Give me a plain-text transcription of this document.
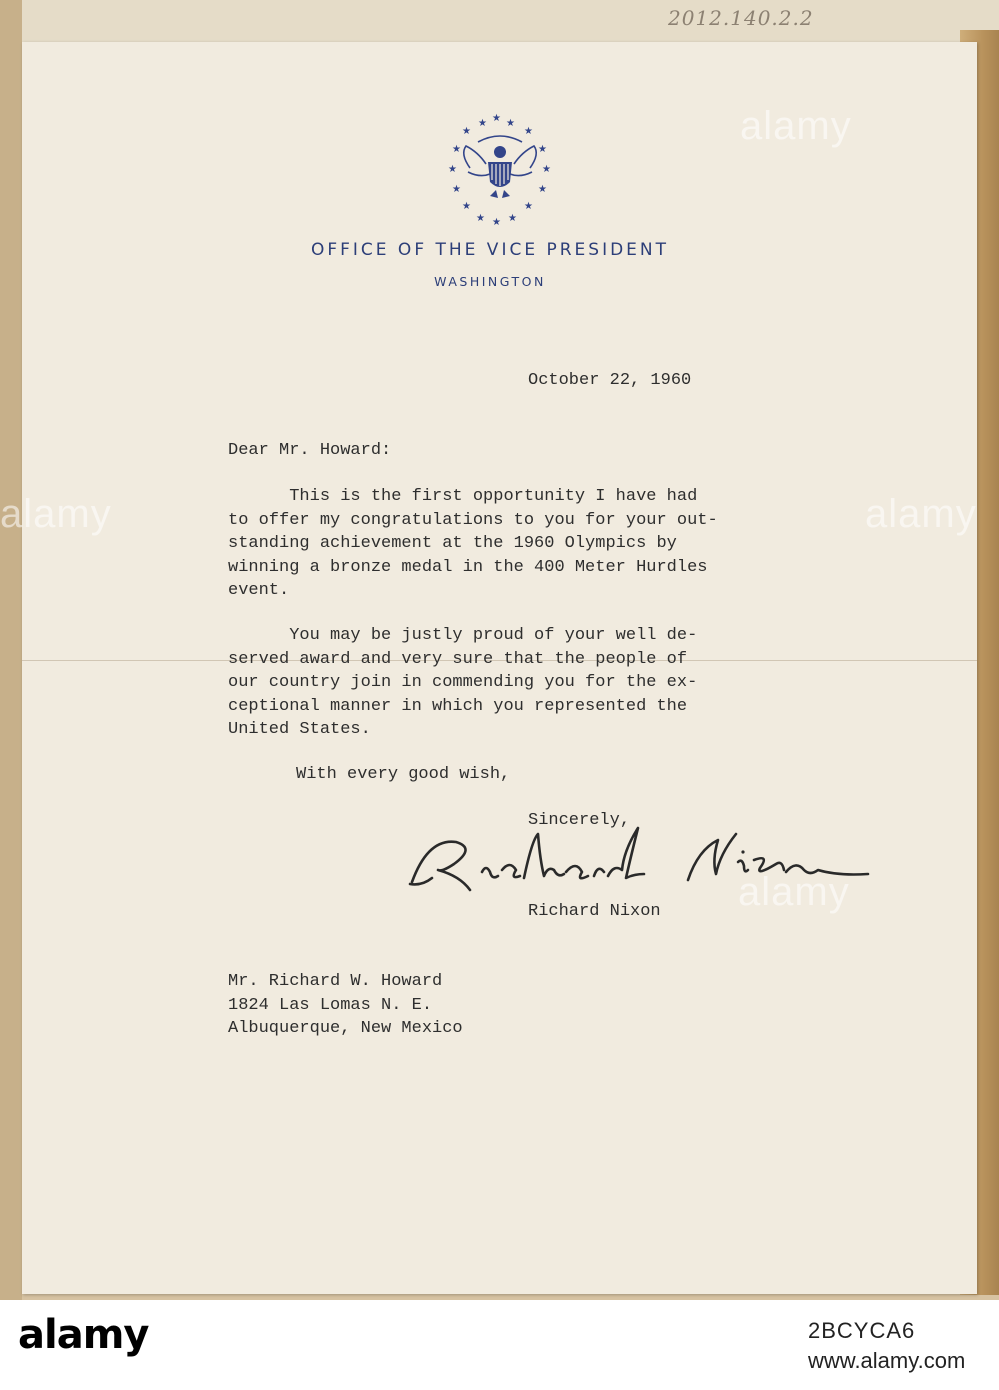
2012.140.2.2
★ ★ ★
★	★
★	★
★	★
★	★
★	★
★ ★ ★
OFFICE OF THE VICE PRESIDENT
WASHINGTON
October 22, 1960
Dear Mr. Howard:
This is the first opportunity I have had
to offer my congratulations to you for your out-
standing achievement at the 1960 Olympics by
winning a bronze medal in the 400 Meter Hurdles
event.
You may be justly proud of your well de-
served award and very sure that the people of
our country join in commending you for the ex-
ceptional manner in which you represented the
United States.
With every good wish,
Sincerely,
Richard Nixon
Mr. Richard W. Howard
1824 Las Lomas N. E.
Albuquerque, New Mexico
alamy
alamy	alamy
alamy
alamy	2BCYCA6
www.alamy.com
